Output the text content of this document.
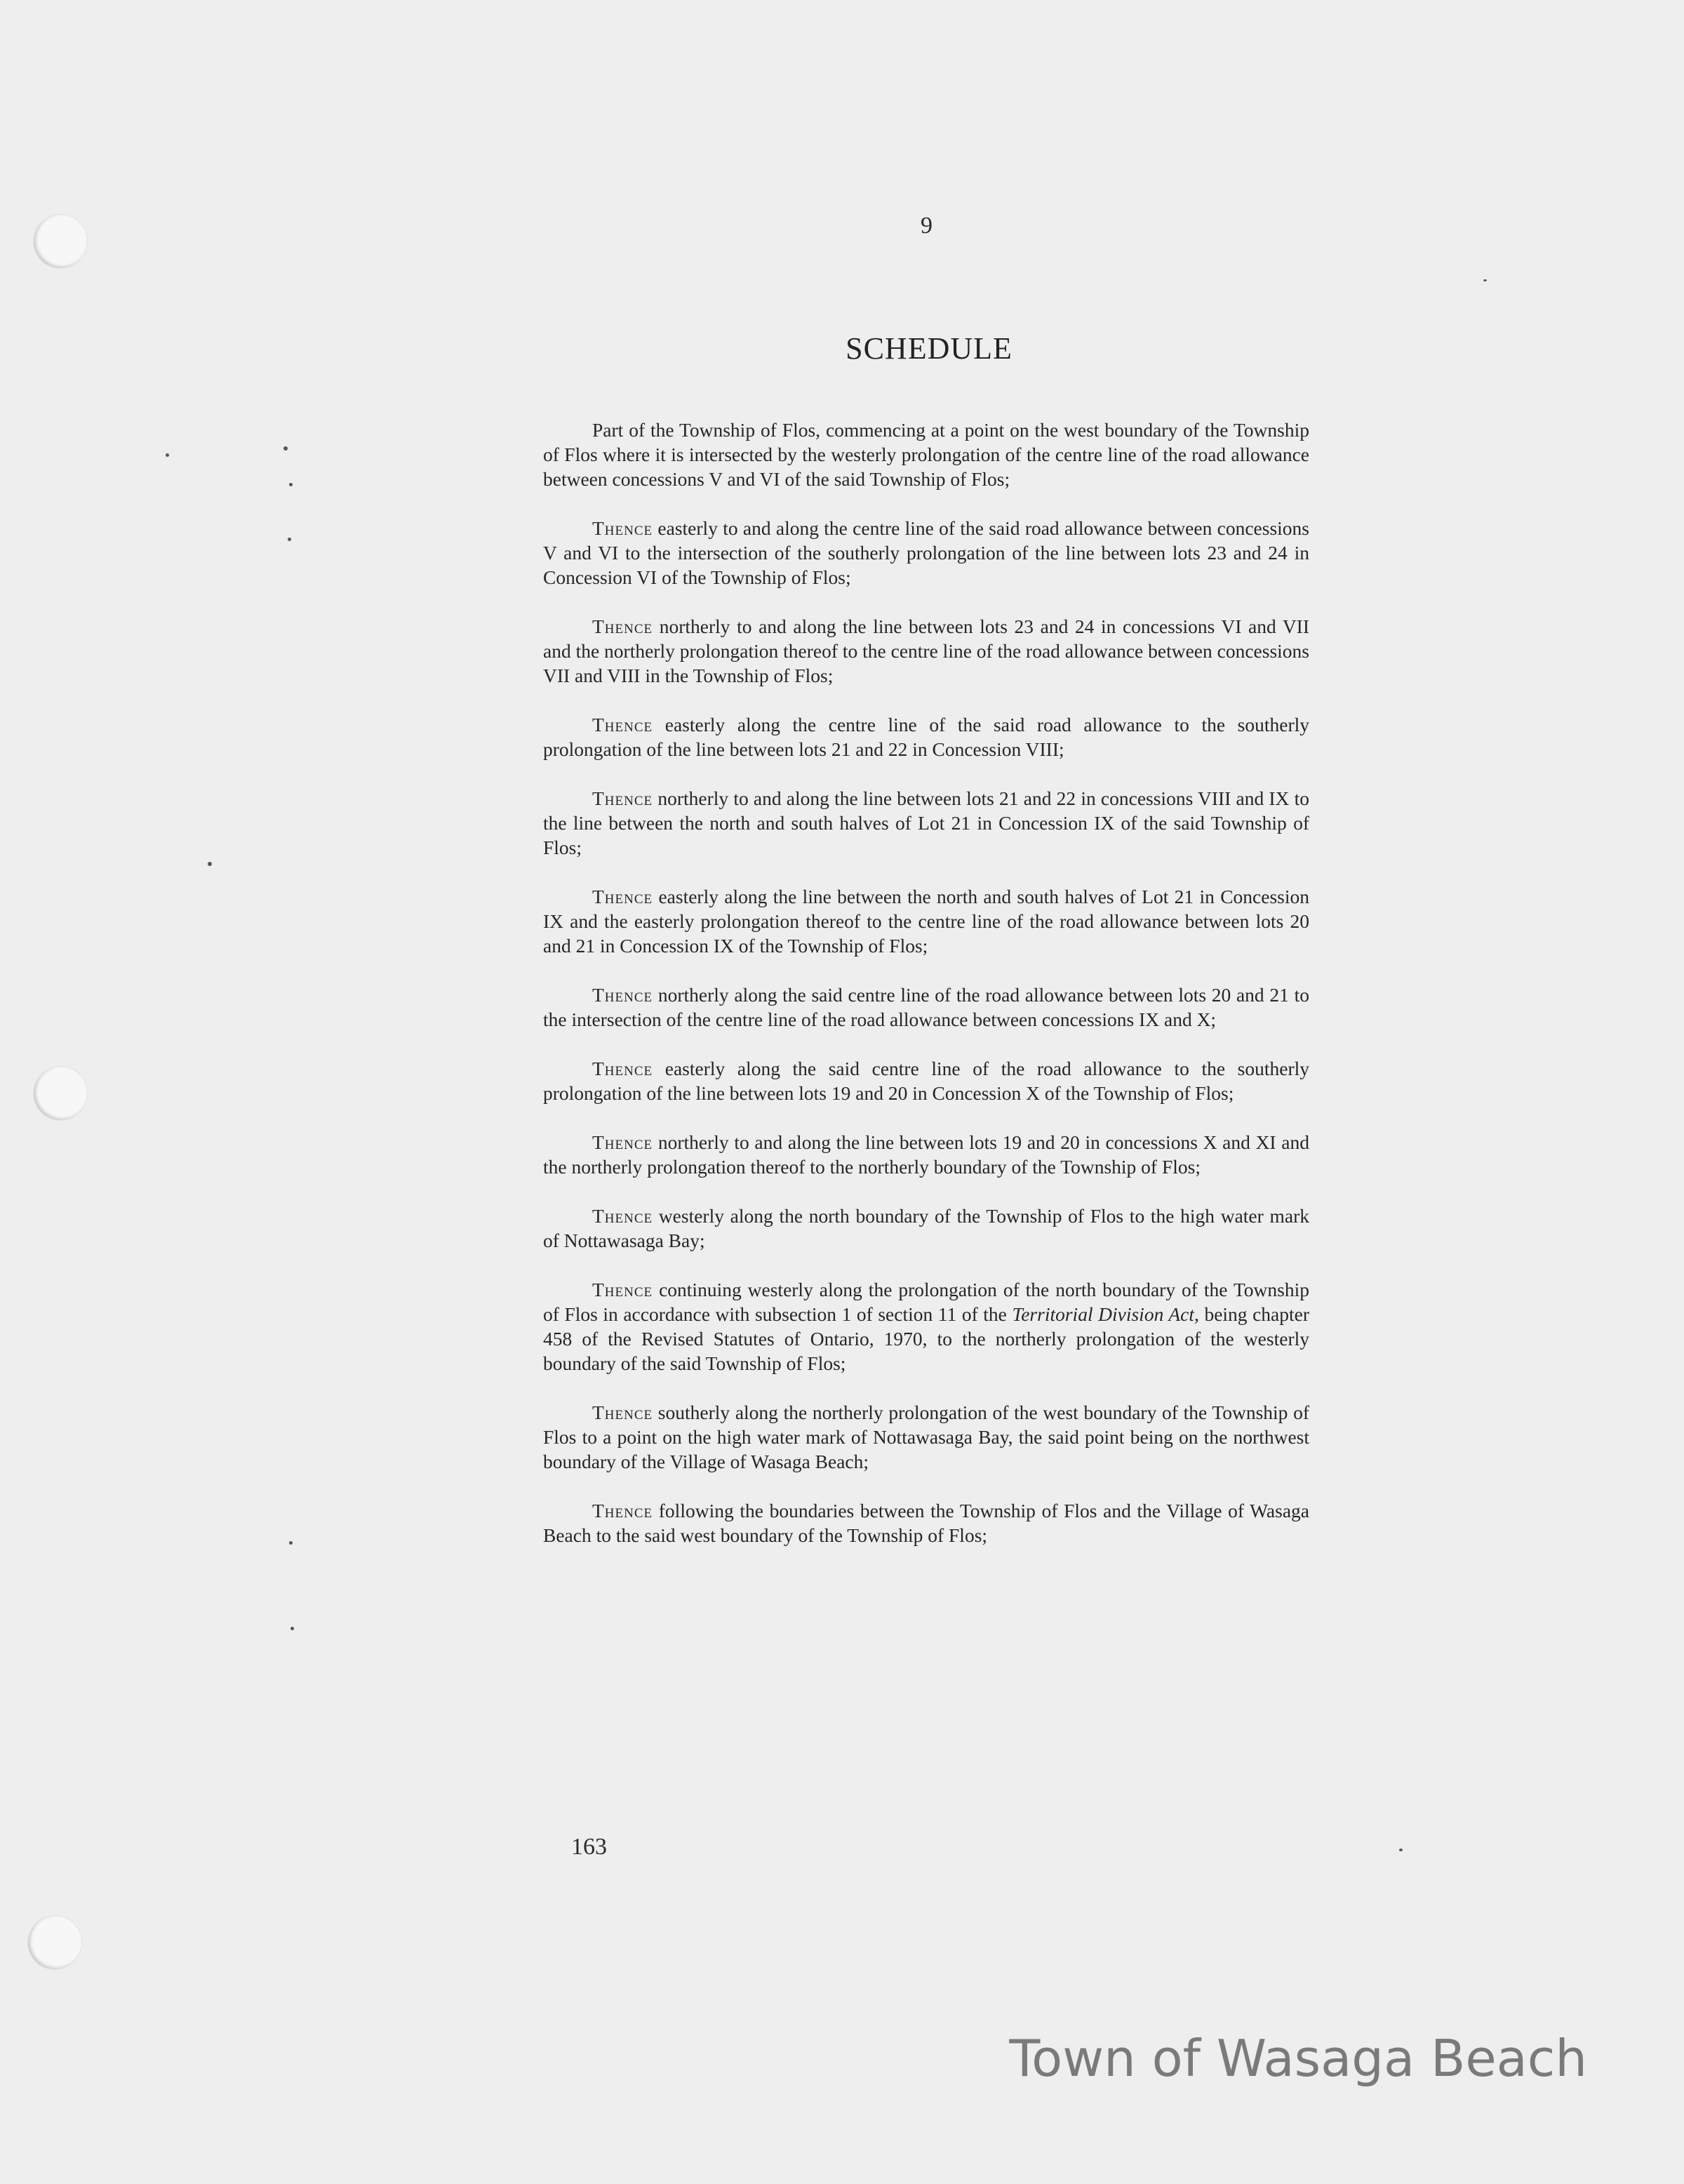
9
SCHEDULE

Part of the Township of Flos, commencing at a point on the west boundary of the Township of Flos where it is intersected by the westerly prolongation of the centre line of the road allowance between concessions V and VI of the said Township of Flos;

Thence easterly to and along the centre line of the said road allowance between concessions V and VI to the intersection of the southerly prolongation of the line between lots 23 and 24 in Concession VI of the Township of Flos;

Thence northerly to and along the line between lots 23 and 24 in concessions VI and VII and the northerly prolongation thereof to the centre line of the road allowance between concessions VII and VIII in the Township of Flos;

Thence easterly along the centre line of the said road allowance to the southerly prolongation of the line between lots 21 and 22 in Concession VIII;

Thence northerly to and along the line between lots 21 and 22 in concessions VIII and IX to the line between the north and south halves of Lot 21 in Concession IX of the said Township of Flos;

Thence easterly along the line between the north and south halves of Lot 21 in Concession IX and the easterly prolongation thereof to the centre line of the road allowance between lots 20 and 21 in Concession IX of the Township of Flos;

Thence northerly along the said centre line of the road allowance between lots 20 and 21 to the intersection of the centre line of the road allowance between concessions IX and X;

Thence easterly along the said centre line of the road allowance to the southerly prolongation of the line between lots 19 and 20 in Concession X of the Township of Flos;

Thence northerly to and along the line between lots 19 and 20 in concessions X and XI and the northerly prolongation thereof to the northerly boundary of the Township of Flos;

Thence westerly along the north boundary of the Township of Flos to the high water mark of Nottawasaga Bay;

Thence continuing westerly along the prolongation of the north boundary of the Township of Flos in accordance with subsection 1 of section 11 of the Territorial Division Act, being chapter 458 of the Revised Statutes of Ontario, 1970, to the northerly prolongation of the westerly boundary of the said Township of Flos;

Thence southerly along the northerly prolongation of the west boundary of the Township of Flos to a point on the high water mark of Nottawasaga Bay, the said point being on the northwest boundary of the Village of Wasaga Beach;

Thence following the boundaries between the Township of Flos and the Village of Wasaga Beach to the said west boundary of the Township of Flos;

163
Town of Wasaga Beach
